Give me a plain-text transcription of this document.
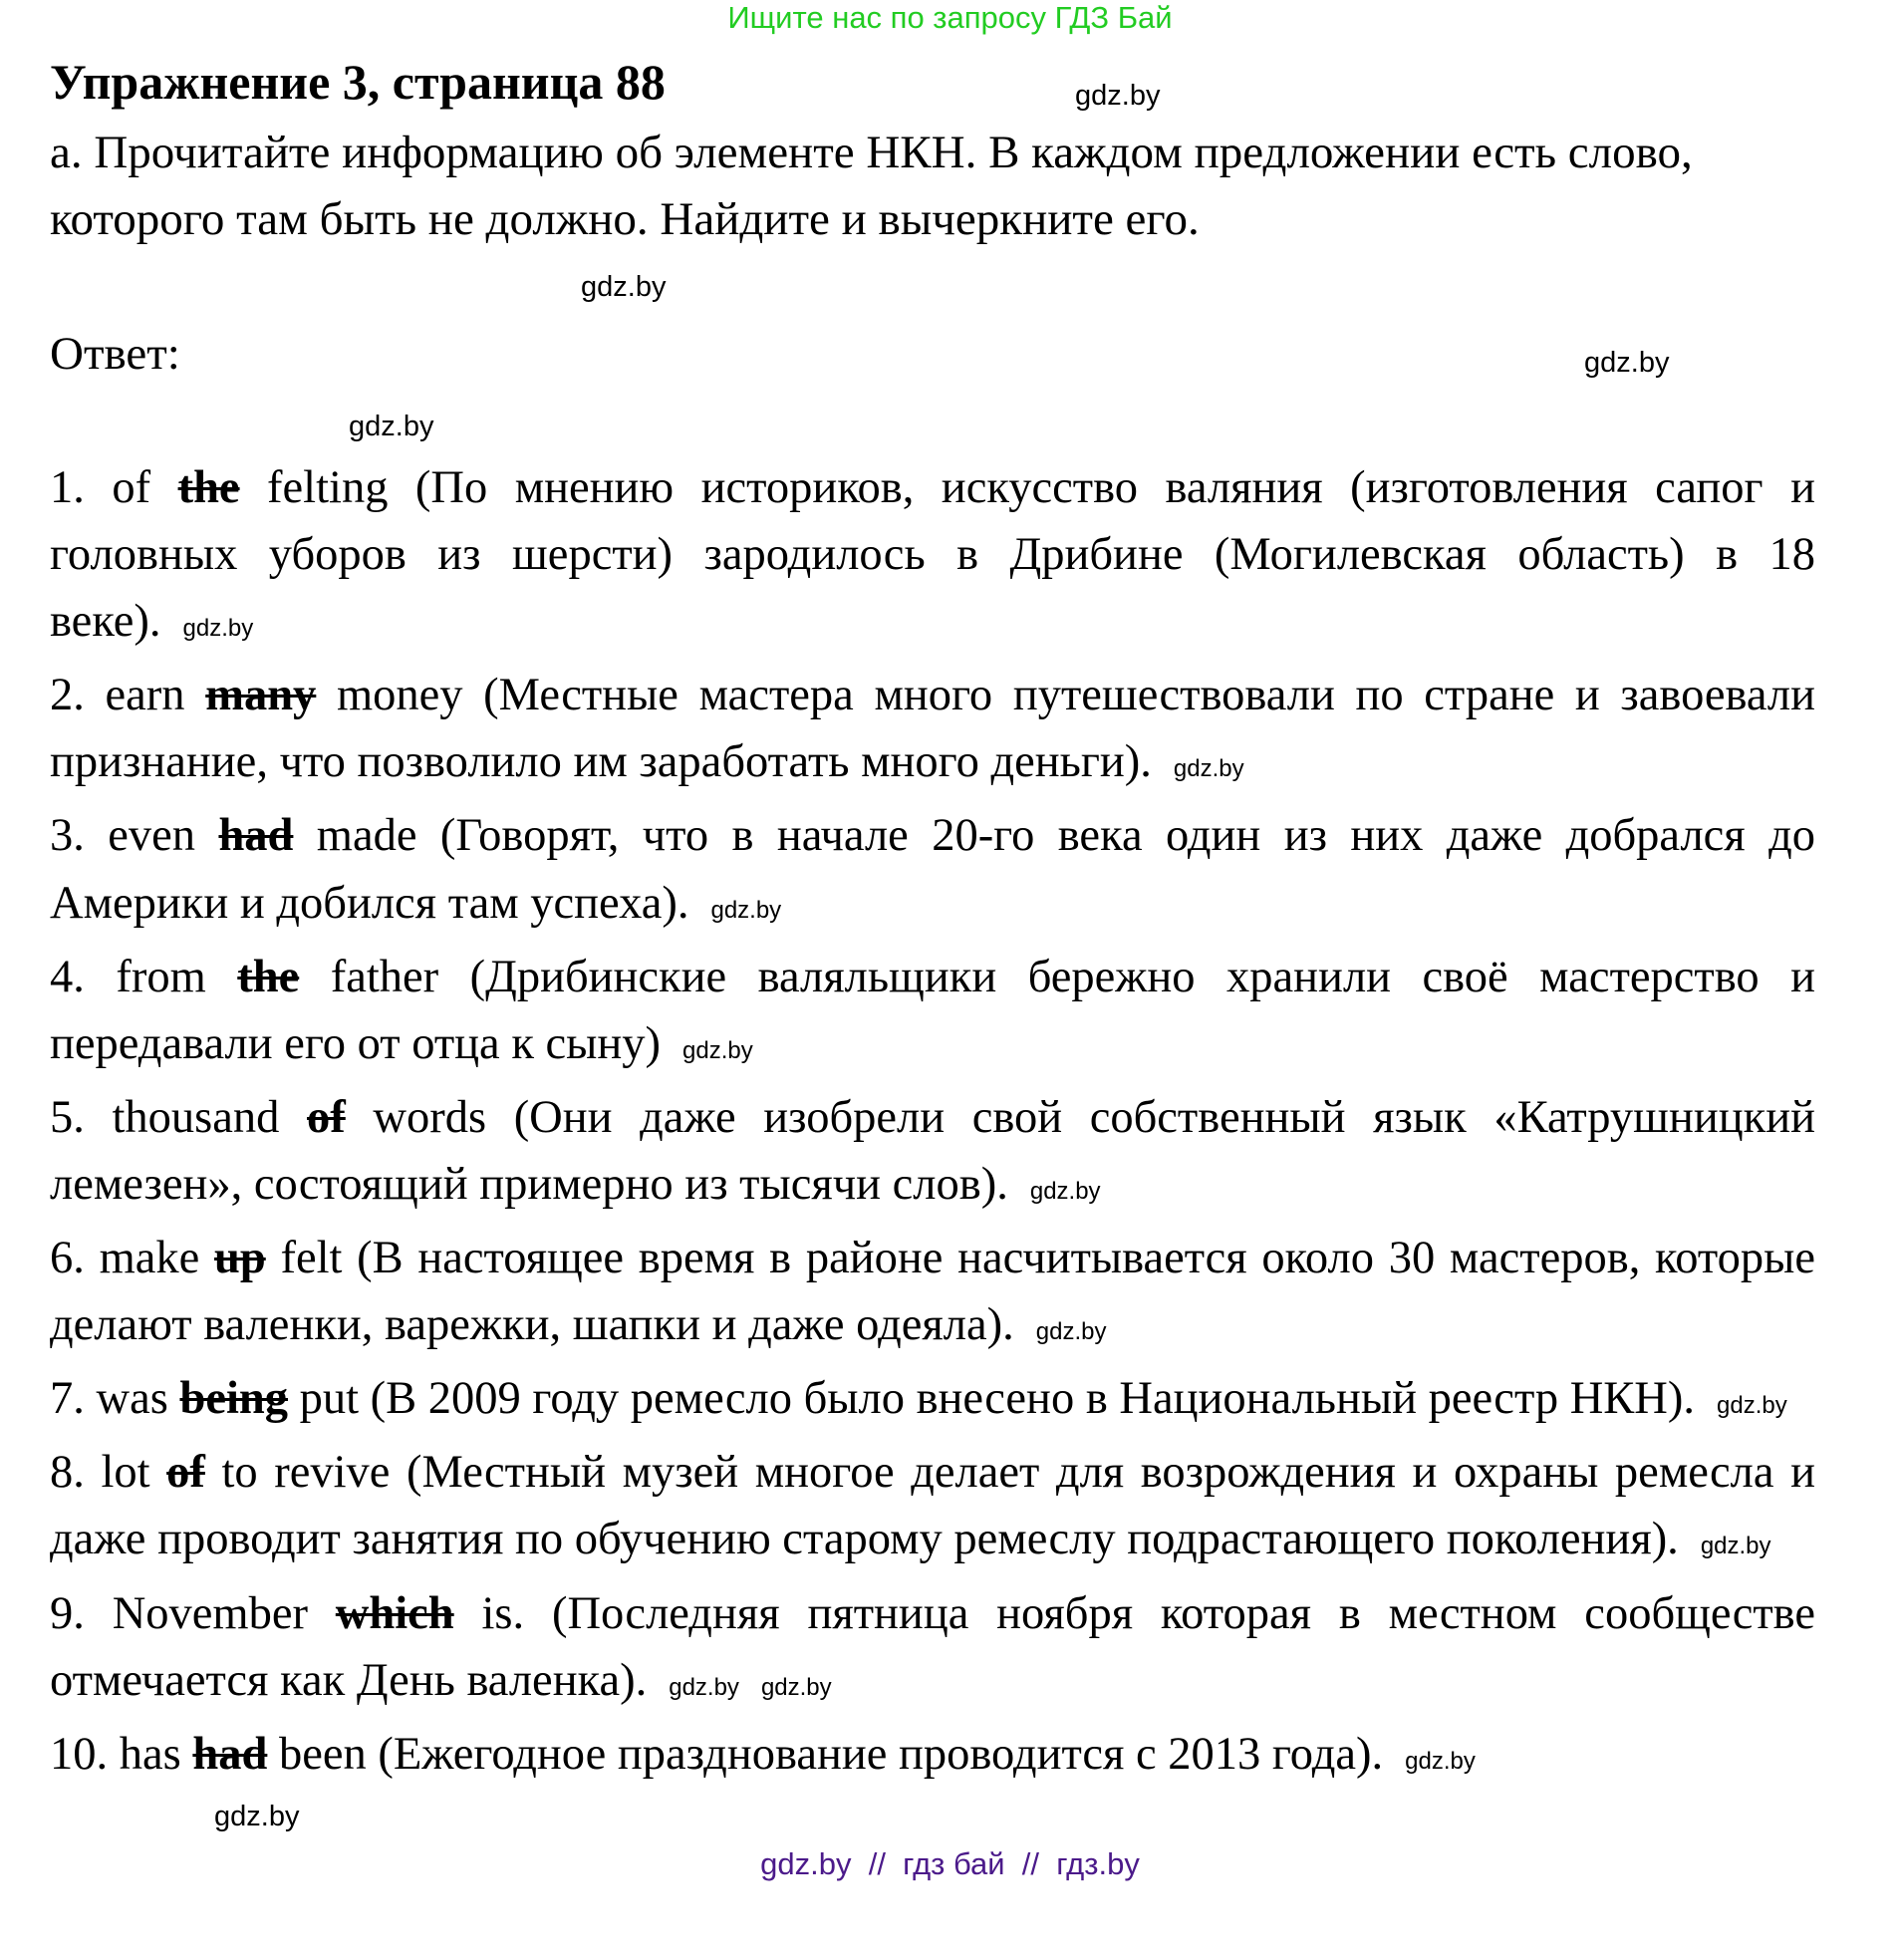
Ищите нас по запросу ГДЗ Бай
Упражнение 3, страница 88
а. Прочитайте информацию об элементе НКН. В каждом предложении есть слово, которого там быть не должно. Найдите и вычеркните его.
Ответ:
gdz.by
gdz.by
gdz.by
gdz.by

1. of the felting (По мнению историков, искусство валяния (изготовления сапог и головных уборов из шерсти) зародилось в Дрибине (Могилевская область) в 18 веке). gdz.by

2. earn many money (Местные мастера много путешествовали по стране и завоевали признание, что позволило им заработать много деньги). gdz.by

3. even had made (Говорят, что в начале 20-го века один из них даже добрался до Америки и добился там успеха). gdz.by

4. from the father (Дрибинские валяльщики бережно хранили своё мастерство и передавали его от отца к сыну) gdz.by

5. thousand of words (Они даже изобрели свой собственный язык «Катрушницкий лемезен», состоящий примерно из тысячи слов). gdz.by

6. make up felt (В настоящее время в районе насчитывается около 30 мастеров, которые делают валенки, варежки, шапки и даже одеяла). gdz.by

7. was being put (В 2009 году ремесло было внесено в Национальный реестр НКН). gdz.by

8. lot of to revive (Местный музей многое делает для возрождения и охраны ремесла и даже проводит занятия по обучению старому ремеслу подрастающего поколения). gdz.by

9. November which is. (Последняя пятница ноября которая в местном сообществе отмечается как День валенка). gdz.by gdz.by

10. has had been (Ежегодное празднование проводится с 2013 года). gdz.by

gdz.by
gdz.by  //  гдз бай  //  гдз.by
